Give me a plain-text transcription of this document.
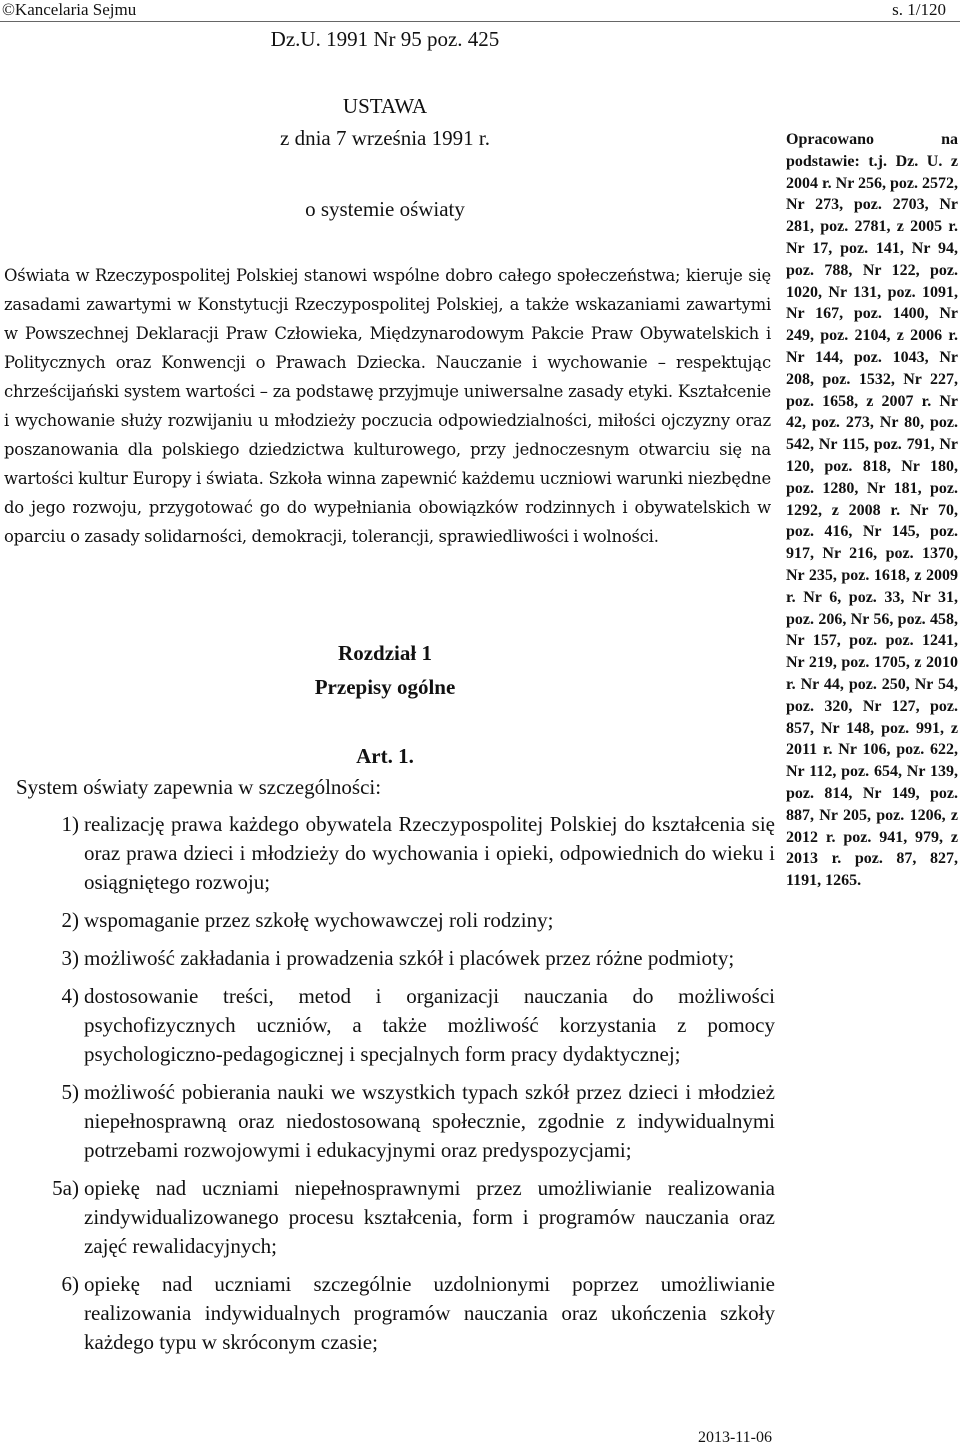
©Kancelaria Sejmu	s. 1/120
Dz.U. 1991 Nr 95 poz. 425
USTAWA
z dnia 7 września 1991 r.
o systemie oświaty

Oświata w Rzeczypospolitej Polskiej stanowi wspólne dobro całego społeczeństwa; kieruje się zasadami zawartymi w Konstytucji Rzeczypospolitej Polskiej, a także wskazaniami zawartymi w Powszechnej Deklaracji Praw Człowieka, Międzynarodowym Pakcie Praw Obywatelskich i Politycznych oraz Konwencji o Prawach Dziecka. Nauczanie i wychowanie – respektując chrześcijański system wartości – za podstawę przyjmuje uniwersalne zasady etyki. Kształcenie i wychowanie służy rozwijaniu u młodzieży poczucia odpowiedzialności, miłości ojczyzny oraz poszanowania dla polskiego dziedzictwa kulturowego, przy jednoczesnym otwarciu się na wartości kultur Europy i świata. Szkoła winna zapewnić każdemu uczniowi warunki niezbędne do jego rozwoju, przygotować go do wypełniania obowiązków rodzinnych i obywatelskich w oparciu o zasady solidarności, demokracji, tolerancji, sprawiedliwości i wolności.

Rozdział 1
Przepisy ogólne
Art. 1.
System oświaty zapewnia w szczególności:
1) realizację prawa każdego obywatela Rzeczypospolitej Polskiej do kształcenia się oraz prawa dzieci i młodzieży do wychowania i opieki, odpowiednich do wieku i osiągniętego rozwoju;
2) wspomaganie przez szkołę wychowawczej roli rodziny;
3) możliwość zakładania i prowadzenia szkół i placówek przez różne podmioty;
4) dostosowanie treści, metod i organizacji nauczania do możliwości psychofizycznych uczniów, a także możliwość korzystania z pomocy psychologiczno-pedagogicznej i specjalnych form pracy dydaktycznej;
5) możliwość pobierania nauki we wszystkich typach szkół przez dzieci i młodzież niepełnosprawną oraz niedostosowaną społecznie, zgodnie z indywidualnymi potrzebami rozwojowymi i edukacyjnymi oraz predyspozycjami;
5a) opiekę nad uczniami niepełnosprawnymi przez umożliwianie realizowania zindywidualizowanego procesu kształcenia, form i programów nauczania oraz zajęć rewalidacyjnych;
6) opiekę nad uczniami szczególnie uzdolnionymi poprzez umożliwianie realizowania indywidualnych programów nauczania oraz ukończenia szkoły każdego typu w skróconym czasie;
Opracowano na podstawie: t.j. Dz. U. z 2004 r. Nr 256, poz. 2572, Nr 273, poz. 2703, Nr 281, poz. 2781, z 2005 r. Nr 17, poz. 141, Nr 94, poz. 788, Nr 122, poz. 1020, Nr 131, poz. 1091, Nr 167, poz. 1400, Nr 249, poz. 2104, z 2006 r. Nr 144, poz. 1043, Nr 208, poz. 1532, Nr 227, poz. 1658, z 2007 r. Nr 42, poz. 273, Nr 80, poz. 542, Nr 115, poz. 791, Nr 120, poz. 818, Nr 180, poz. 1280, Nr 181, poz. 1292, z 2008 r. Nr 70, poz. 416, Nr 145, poz. 917, Nr 216, poz. 1370, Nr 235, poz. 1618, z 2009 r. Nr 6, poz. 33, Nr 31, poz. 206, Nr 56, poz. 458, Nr 157, poz. poz. 1241, Nr 219, poz. 1705, z 2010 r. Nr 44, poz. 250, Nr 54, poz. 320, Nr 127, poz. 857, Nr 148, poz. 991, z 2011 r. Nr 106, poz. 622, Nr 112, poz. 654, Nr 139, poz. 814, Nr 149, poz. 887, Nr 205, poz. 1206, z 2012 r. poz. 941, 979, z 2013 r. poz. 87, 827, 1191, 1265.
2013-11-06
